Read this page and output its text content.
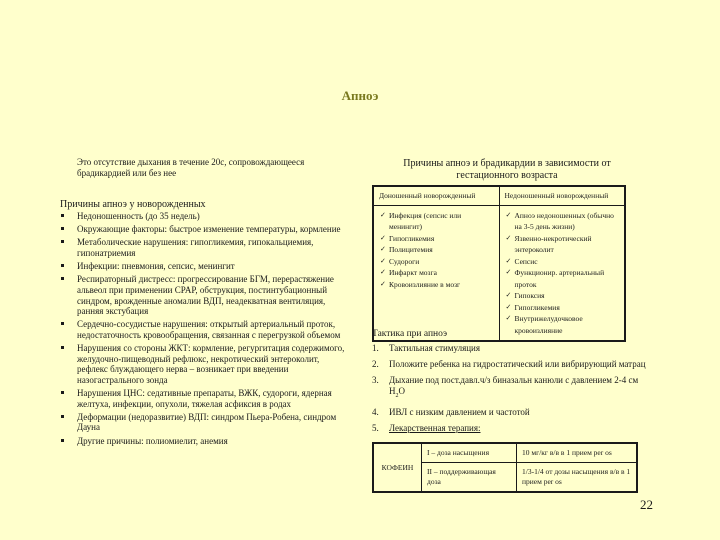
Апноэ
Это отсутствие дыхания в течение 20с, сопровождающееся брадикардией или без нее
Причины апноэ у новорожденных
Недоношенность (до 35 недель)
Окружающие факторы: быстрое изменение температуры, кормление
Метаболические нарушения: гипогликемия, гипокальциемия, гипонатриемия
Инфекции: пневмония, сепсис, менингит
Респираторный дистресс: прогрессирование БГМ, перерастяжение альвеол при применении CPAP, обструкция, постинтубационный синдром, врожденные аномалии ВДП, неадекватная вентиляция, ранняя экстубация
Сердечно-сосудистые нарушения: открытый артериальный проток, недостаточность кровообращения, связанная с перегрузкой объемом
Нарушения со стороны ЖКТ: кормление, регургитация содержимого, желудочно-пищеводный рефлюкс, некротический энтероколит, рефлекс блуждающего нерва – возникает при введении назогастрального зонда
Нарушения ЦНС: седативные препараты, ВЖК, судороги, ядерная желтуха, инфекции, опухоли, тяжелая асфиксия в родах
Деформации (недоразвитие) ВДП: синдром Пьера-Робена, синдром Дауна
Другие причины: полиомиелит, анемия
Причины апноэ и брадикардии в зависимости от гестационного возраста
Доношенный новорожденный	Недоношенный новорожденный

✓ Инфекция (сепсис или менингит)
✓ Гипогликемия
✓ Полицитемия
✓ Судороги
✓ Инфаркт мозга
✓ Кровоизлияние в мозг

✓ Апноэ недоношенных (обычно на 3-5 день жизни)
✓ Язвенно-некротический энтероколит
✓ Сепсис
✓ Функционир. артериальный проток
✓ Гипоксия
✓ Гипогликемия
✓ Внутрижелудочковое кровоизлияние
Тактика при апноэ
1. Тактильная стимуляция
2. Положите ребенка на гидростатический или вибрирующий матрац
3. Дыхание под пост.давл.ч/з биназальн канюли с давлением 2-4 см $H_2O$
4. ИВЛ с низким давлением и частотой
5. Лекарственная терапия:
КОФЕИН	I – доза насыщения	10 мг/кг в/в в 1 прием per os
	II – поддерживающая доза	1/3-1/4 от дозы насыщения в/в в 1 прием per os
22
